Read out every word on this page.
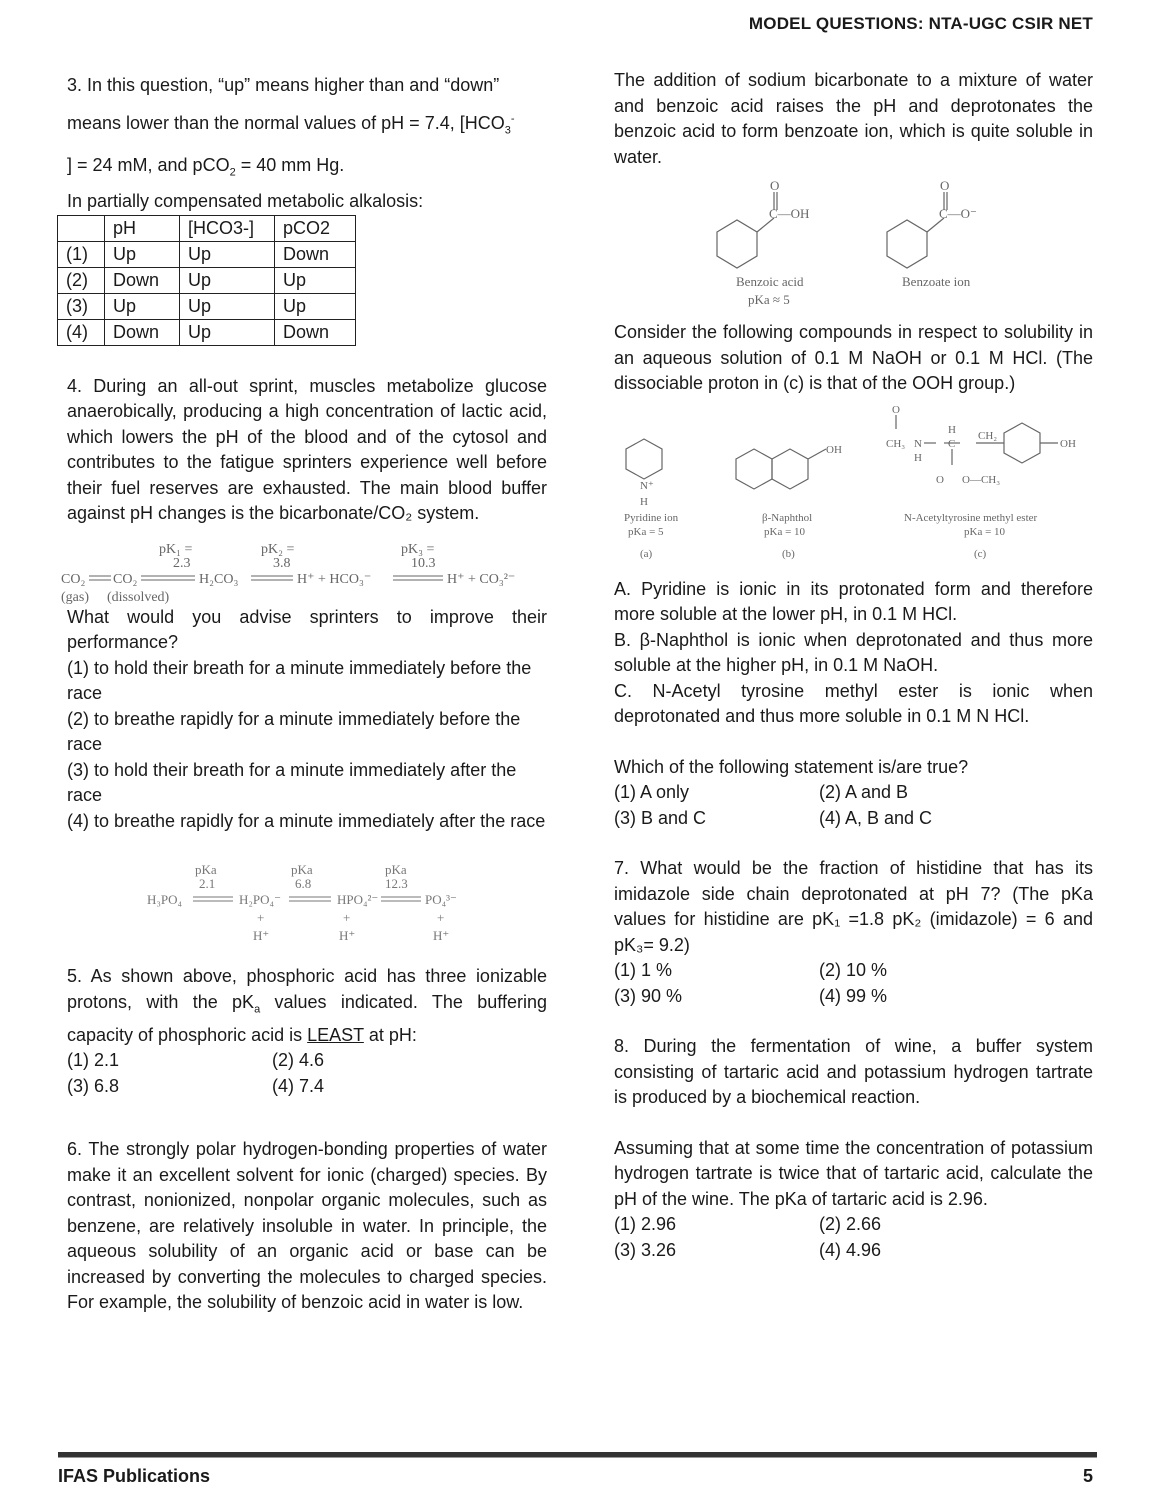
MODEL QUESTIONS: NTA-UGC CSIR NET

3. In this question, “up” means higher than and “down”

means lower than the normal values of pH = 7.4, [$HCO_3^-$

] = 24 mM, and pCO$_2$ = 40 mm Hg.

In partially compensated metabolic alkalosis:

	pH	[HCO3-]	pCO2
(1)	Up	Up	Down
(2)	Down	Up	Up
(3)	Up	Up	Up
(4)	Down	Up	Down

4. During an all-out sprint, muscles metabolize glucose anaerobically, producing a high concentration of lactic acid, which lowers the pH of the blood and of the cytosol and contributes to the fatigue sprinters experience well before their fuel reserves are exhausted. The main blood buffer against pH changes is the bicarbonate/CO₂ system.

pK₁ =
2.3
pK₂ =
3.8
pK₃ =
10.3
CO₂ CO₂	H₂CO₃	H⁺ + HCO₃⁻	H⁺ + CO₃²⁻
(gas) (dissolved)

What would you advise sprinters to improve their performance?

(1) to hold their breath for a minute immediately before the race

(2) to breathe rapidly for a minute immediately before the race

(3) to hold their breath for a minute immediately after the race

(4) to breathe rapidly for a minute immediately after the race

pKa
2.1
pKa
6.8
pKa
12.3
H₃PO₄	H₂PO₄⁻	HPO₄²⁻	PO₄³⁻
+
H⁺
+
H⁺
+
H⁺

5. As shown above, phosphoric acid has three ionizable protons, with the $pK_a$ values indicated. The buffering capacity of phosphoric acid is LEAST at pH:

(1) 2.1	(2) 4.6
(3) 6.8	(4) 7.4

6. The strongly polar hydrogen-bonding properties of water make it an excellent solvent for ionic (charged) species. By contrast, nonionized, nonpolar organic molecules, such as benzene, are relatively insoluble in water. In principle, the aqueous solubility of an organic acid or base can be increased by converting the molecules to charged species. For example, the solubility of benzoic acid in water is low.

The addition of sodium bicarbonate to a mixture of water and benzoic acid raises the pH and deprotonates the benzoic acid to form benzoate ion, which is quite soluble in water.

O
C—OH
O
C—O⁻
Benzoic acid
pKa ≈ 5
Benzoate ion

Consider the following compounds in respect to solubility in an aqueous solution of 0.1 M NaOH or 0.1 M HCl. (The dissociable proton in (c) is that of the OOH group.)

N⁺
H
Pyridine ion
pKa = 5
(a)
OH
β-Naphthol
pKa = 10
(b)
O
H
CH₃ N C
CH₂
OH
H
O O—CH₃
N-Acetyltyrosine methyl ester
pKa = 10
(c)

A. Pyridine is ionic in its protonated form and therefore more soluble at the lower pH, in 0.1 M HCl.

B. β-Naphthol is ionic when deprotonated and thus more soluble at the higher pH, in 0.1 M NaOH.

C. N-Acetyl tyrosine methyl ester is ionic when deprotonated and thus more soluble in 0.1 M N HCl.

Which of the following statement is/are true?

(1) A only	(2) A and B
(3) B and C	(4) A, B and C

7. What would be the fraction of histidine that has its imidazole side chain deprotonated at pH 7? (The pKa values for histidine are pK₁ =1.8 pK₂ (imidazole) = 6 and pK₃= 9.2)

(1) 1 %	(2) 10 %
(3) 90 %	(4) 99 %

8. During the fermentation of wine, a buffer system consisting of tartaric acid and potassium hydrogen tartrate is produced by a biochemical reaction.

Assuming that at some time the concentration of potassium hydrogen tartrate is twice that of tartaric acid, calculate the pH of the wine. The pKa of tartaric acid is 2.96.

(1) 2.96	(2) 2.66
(3) 3.26	(4) 4.96
IFAS Publications	5
